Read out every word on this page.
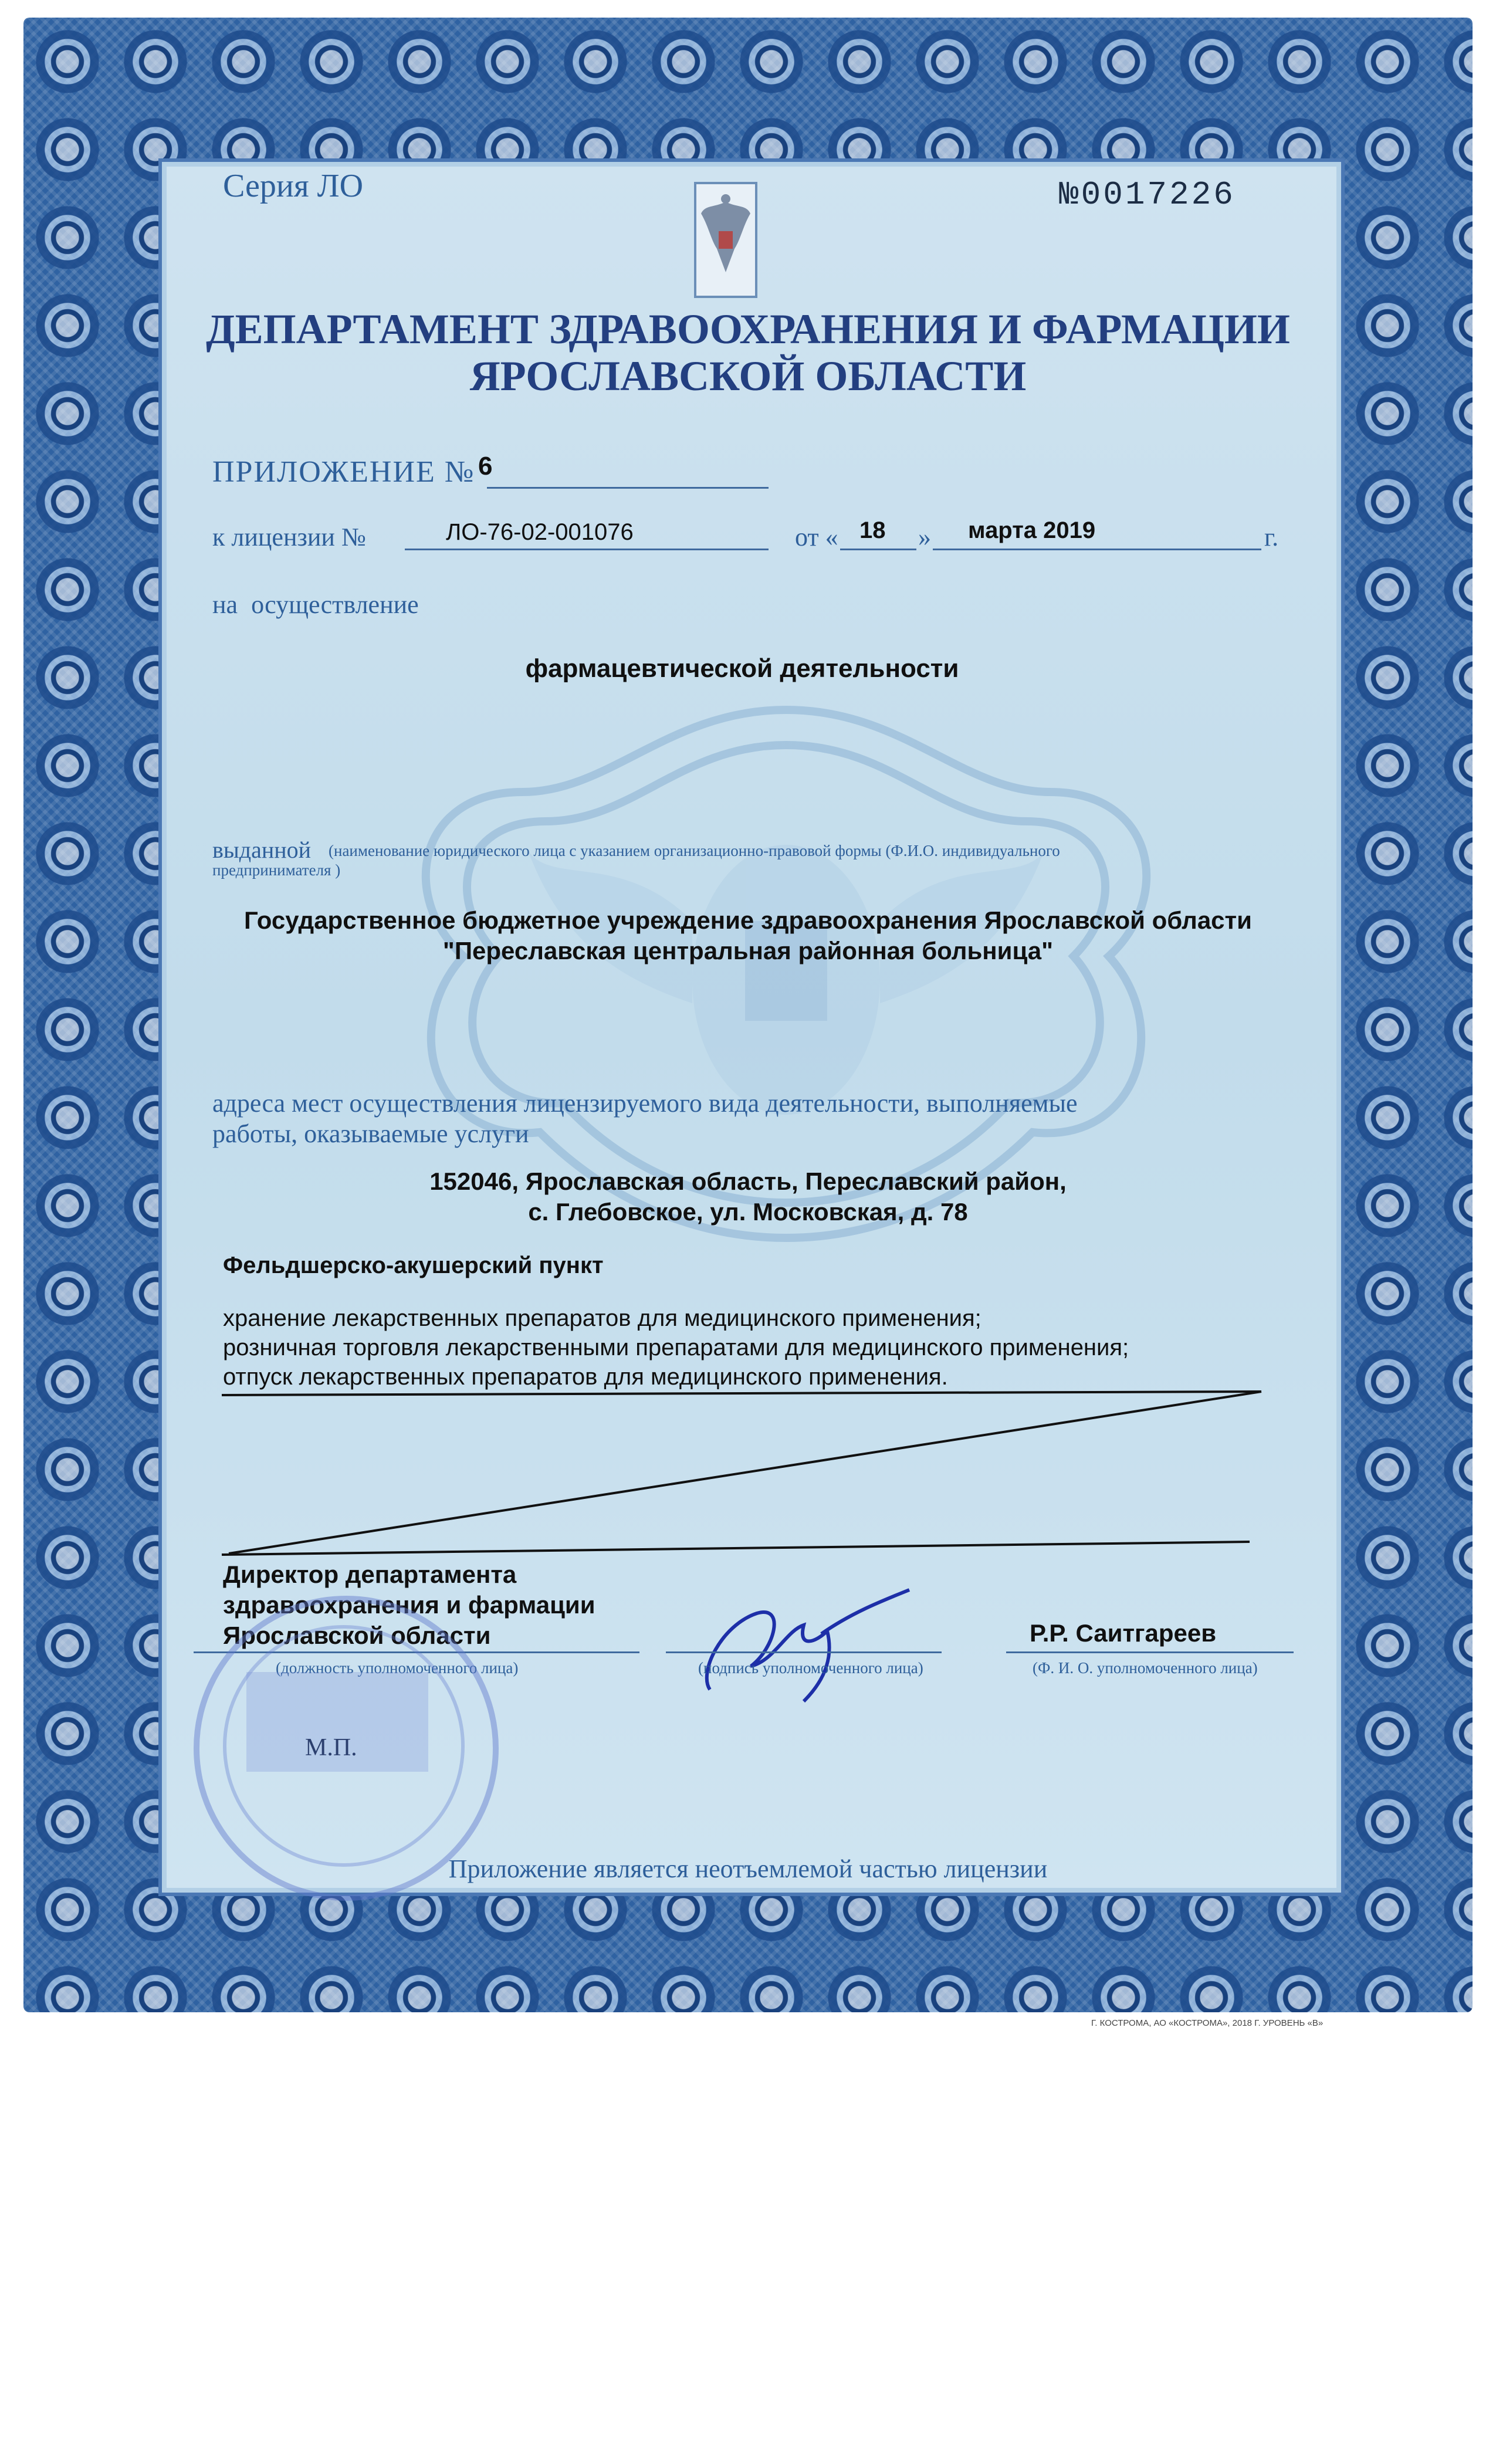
Серия ЛО	№0017226
ДЕПАРТАМЕНТ ЗДРАВООХРАНЕНИЯ И ФАРМАЦИИ
ЯРОСЛАВСКОЙ ОБЛАСТИ
ПРИЛОЖЕНИЕ № 6
к лицензии №	ЛО-76-02-001076	от « 18 » марта 2019	г.
на осуществление
фармацевтической деятельности
выданной (наименование юридического лица с указанием организационно-правовой формы (Ф.И.О. индивидуального
предпринимателя )
Государственное бюджетное учреждение здравоохранения Ярославской области
"Переславская центральная районная больница"
адреса мест осуществления лицензируемого вида деятельности, выполняемые
работы, оказываемые услуги
152046, Ярославская область, Переславский район,
с. Глебовское, ул. Московская, д. 78
Фельдшерско-акушерский пункт
хранение лекарственных препаратов для медицинского применения;
розничная торговля лекарственными препаратами для медицинского применения;
отпуск лекарственных препаратов для медицинского применения.
Директор департамента
здравоохранения и фармации
Ярославской области
(должность уполномоченного лица)	(подпись уполномоченного лица)
Р.Р. Саитгареев
(Ф. И. О. уполномоченного лица)
М.П.
Приложение является неотъемлемой частью лицензии
Г. КОСТРОМА, АО «КОСТРОМА», 2018 Г. УРОВЕНЬ «В»
